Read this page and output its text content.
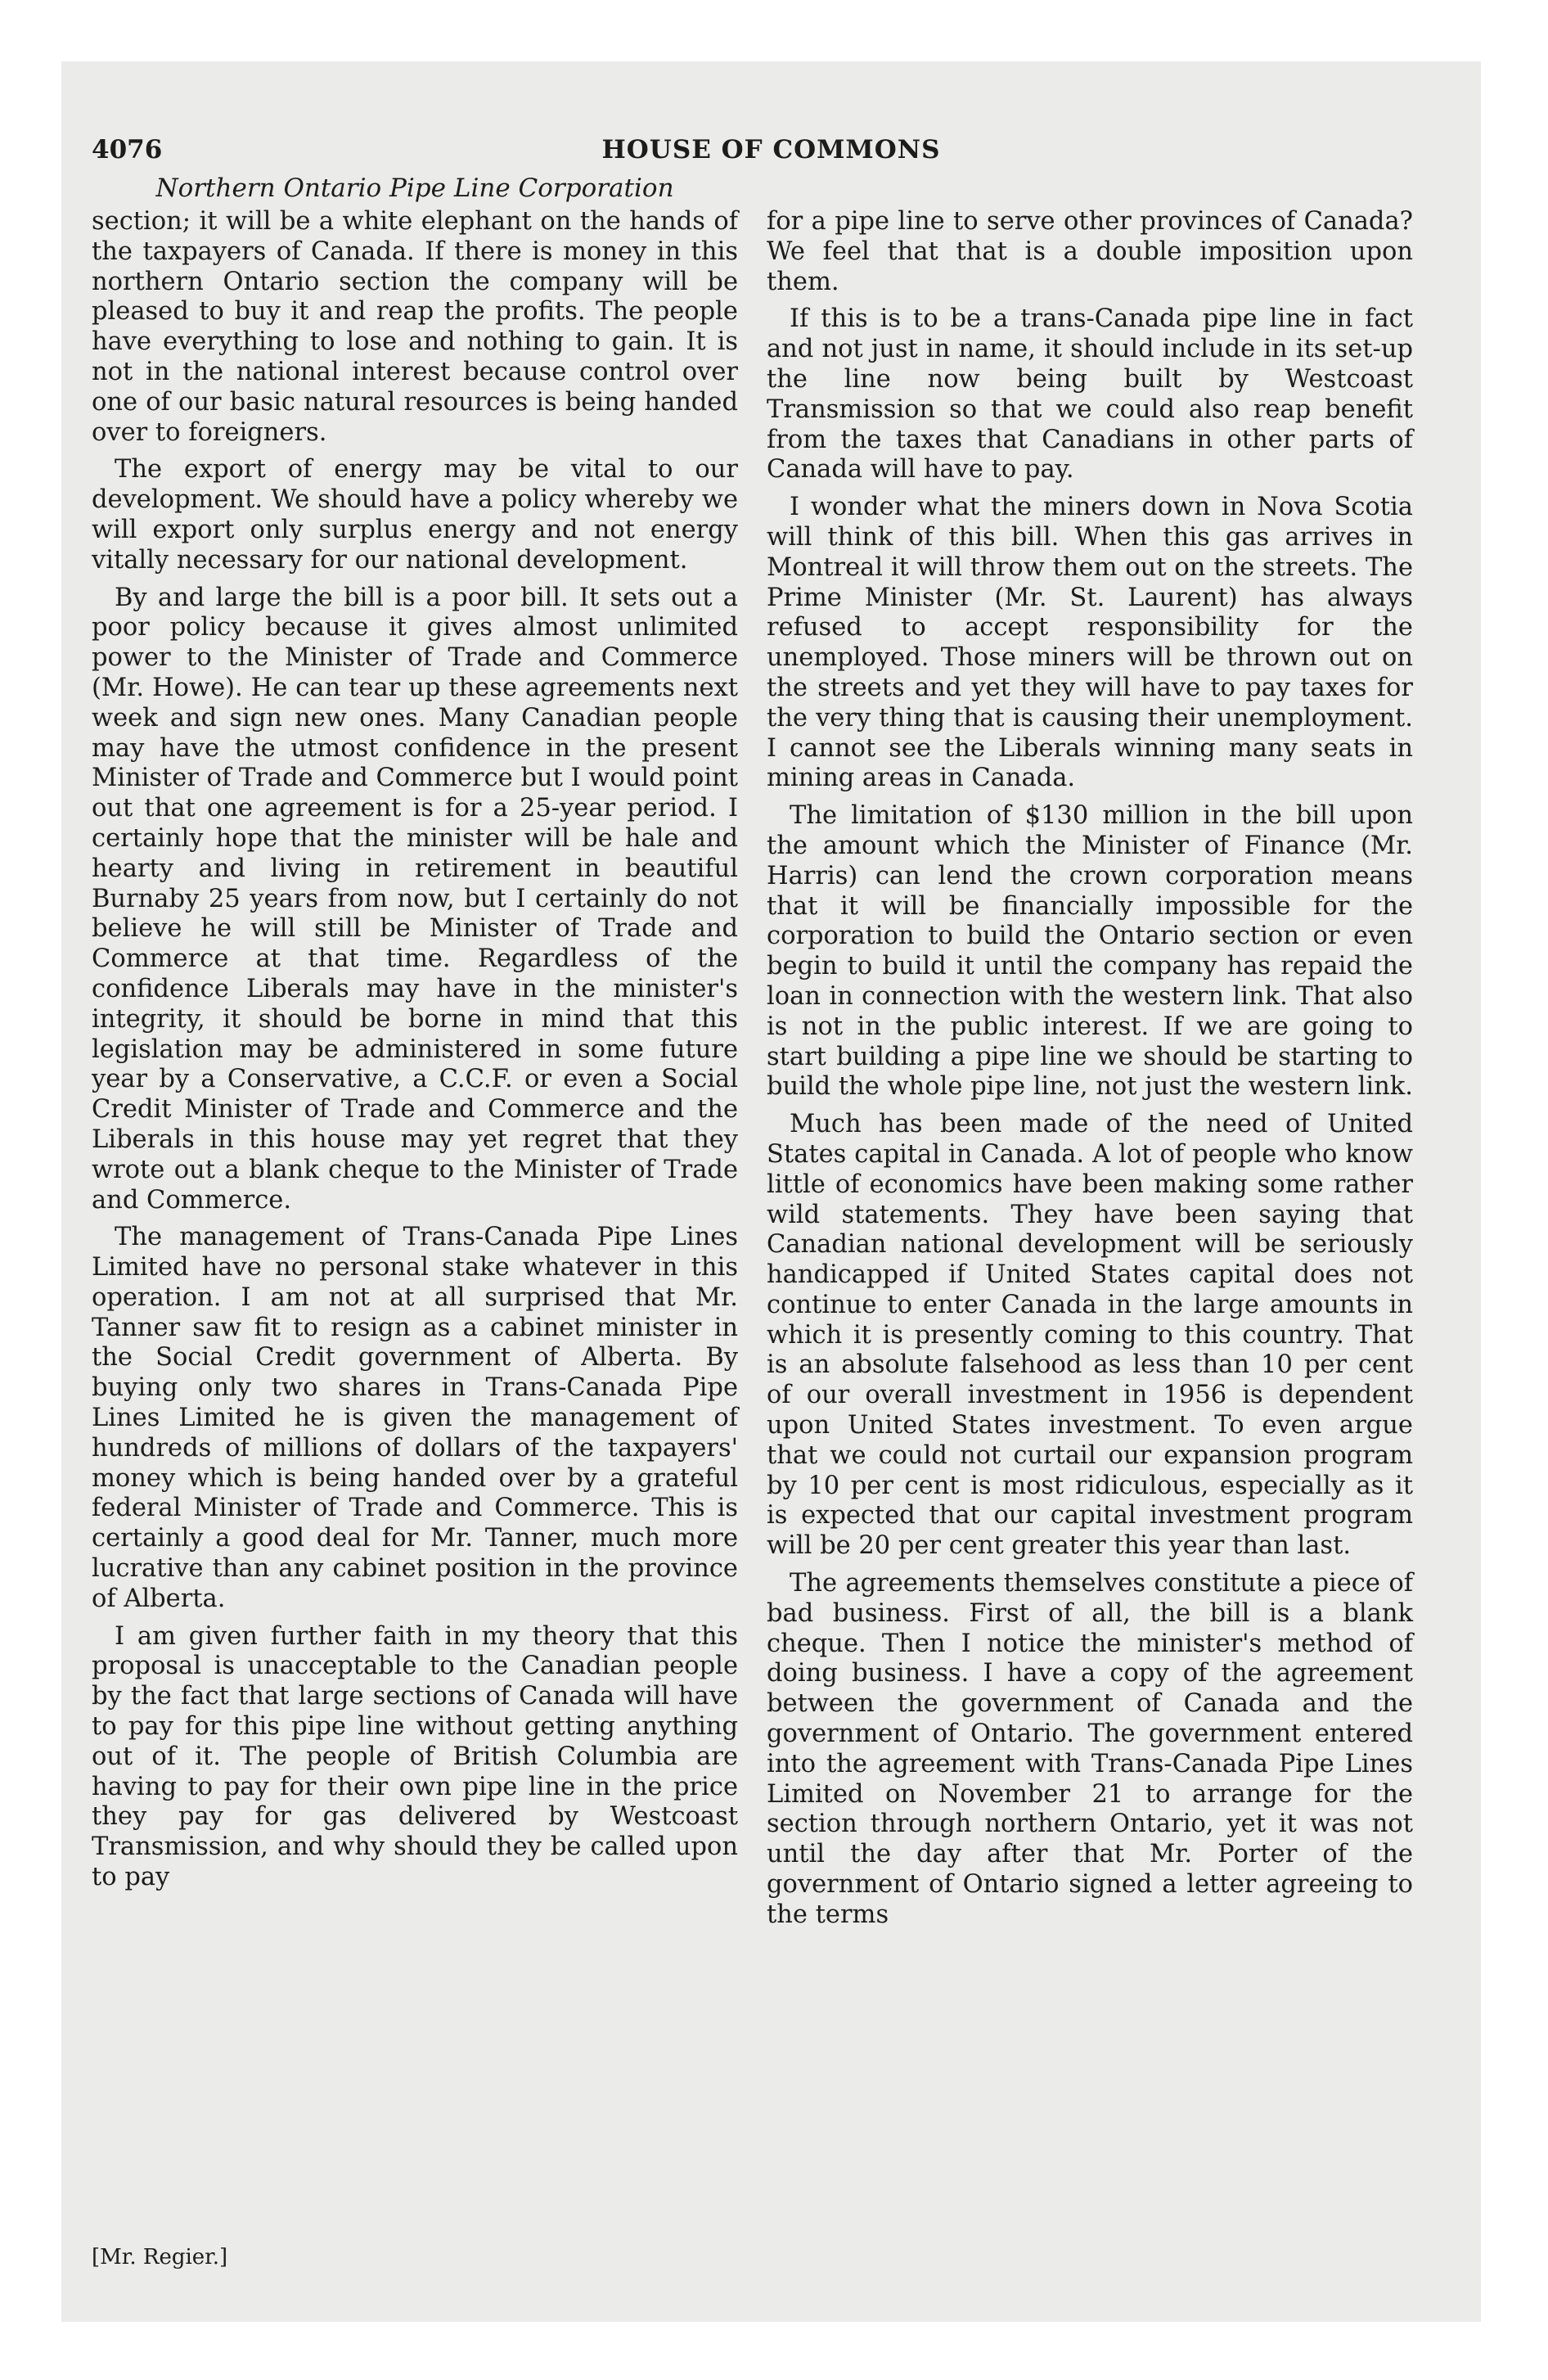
4076	HOUSE OF COMMONS
Northern Ontario Pipe Line Corporation

section; it will be a white elephant on the hands of the taxpayers of Canada. If there is money in this northern Ontario section the company will be pleased to buy it and reap the profits. The people have everything to lose and nothing to gain. It is not in the national interest because control over one of our basic natural resources is being handed over to foreigners.

The export of energy may be vital to our development. We should have a policy whereby we will export only surplus energy and not energy vitally necessary for our national development.

By and large the bill is a poor bill. It sets out a poor policy because it gives almost unlimited power to the Minister of Trade and Commerce (Mr. Howe). He can tear up these agreements next week and sign new ones. Many Canadian people may have the utmost confidence in the present Minister of Trade and Commerce but I would point out that one agreement is for a 25-year period. I certainly hope that the minister will be hale and hearty and living in retirement in beautiful Burnaby 25 years from now, but I certainly do not believe he will still be Minister of Trade and Commerce at that time. Regardless of the confidence Liberals may have in the minister's integrity, it should be borne in mind that this legislation may be administered in some future year by a Conservative, a C.C.F. or even a Social Credit Minister of Trade and Commerce and the Liberals in this house may yet regret that they wrote out a blank cheque to the Minister of Trade and Commerce.

The management of Trans-Canada Pipe Lines Limited have no personal stake whatever in this operation. I am not at all surprised that Mr. Tanner saw fit to resign as a cabinet minister in the Social Credit government of Alberta. By buying only two shares in Trans-Canada Pipe Lines Limited he is given the management of hundreds of millions of dollars of the taxpayers' money which is being handed over by a grateful federal Minister of Trade and Commerce. This is certainly a good deal for Mr. Tanner, much more lucrative than any cabinet position in the province of Alberta.

I am given further faith in my theory that this proposal is unacceptable to the Canadian people by the fact that large sections of Canada will have to pay for this pipe line without getting anything out of it. The people of British Columbia are having to pay for their own pipe line in the price they pay for gas delivered by Westcoast Transmission, and why should they be called upon to pay

for a pipe line to serve other provinces of Canada? We feel that that is a double imposition upon them.

If this is to be a trans-Canada pipe line in fact and not just in name, it should include in its set-up the line now being built by Westcoast Transmission so that we could also reap benefit from the taxes that Canadians in other parts of Canada will have to pay.

I wonder what the miners down in Nova Scotia will think of this bill. When this gas arrives in Montreal it will throw them out on the streets. The Prime Minister (Mr. St. Laurent) has always refused to accept responsibility for the unemployed. Those miners will be thrown out on the streets and yet they will have to pay taxes for the very thing that is causing their unemployment. I cannot see the Liberals winning many seats in mining areas in Canada.

The limitation of $130 million in the bill upon the amount which the Minister of Finance (Mr. Harris) can lend the crown corporation means that it will be financially impossible for the corporation to build the Ontario section or even begin to build it until the company has repaid the loan in connection with the western link. That also is not in the public interest. If we are going to start building a pipe line we should be starting to build the whole pipe line, not just the western link.

Much has been made of the need of United States capital in Canada. A lot of people who know little of economics have been making some rather wild statements. They have been saying that Canadian national development will be seriously handicapped if United States capital does not continue to enter Canada in the large amounts in which it is presently coming to this country. That is an absolute falsehood as less than 10 per cent of our overall investment in 1956 is dependent upon United States investment. To even argue that we could not curtail our expansion program by 10 per cent is most ridiculous, especially as it is expected that our capital investment program will be 20 per cent greater this year than last.

The agreements themselves constitute a piece of bad business. First of all, the bill is a blank cheque. Then I notice the minister's method of doing business. I have a copy of the agreement between the government of Canada and the government of Ontario. The government entered into the agreement with Trans-Canada Pipe Lines Limited on November 21 to arrange for the section through northern Ontario, yet it was not until the day after that Mr. Porter of the government of Ontario signed a letter agreeing to the terms

[Mr. Regier.]
